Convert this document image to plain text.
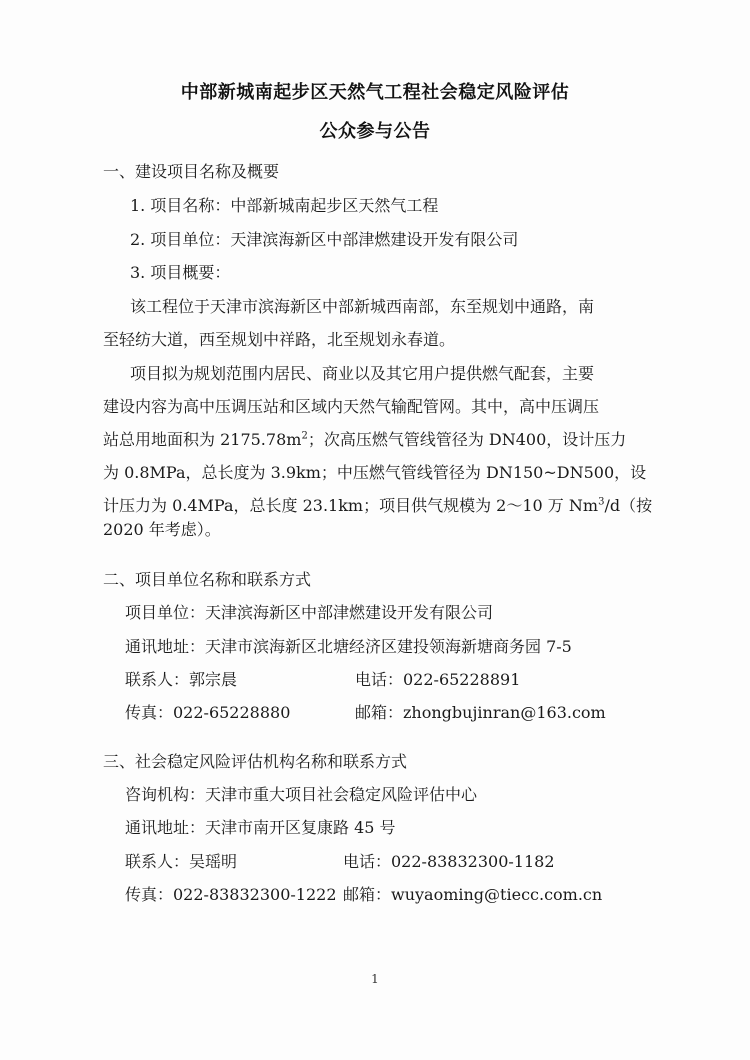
中部新城南起步区天然气工程社会稳定风险评估
公众参与公告
一、建设项目名称及概要
1. 项目名称：中部新城南起步区天然气工程
2. 项目单位：天津滨海新区中部津燃建设开发有限公司
3. 项目概要：
该工程位于天津市滨海新区中部新城西南部，东至规划中通路，南
至轻纺大道，西至规划中祥路，北至规划永春道。
项目拟为规划范围内居民、商业以及其它用户提供燃气配套，主要
建设内容为高中压调压站和区域内天然气输配管网。其中，高中压调压
站总用地面积为 $2175.78m^2$；次高压燃气管线管径为 DN400，设计压力
为 0.8MPa，总长度为 3.9km；中压燃气管线管径为 DN150~DN500，设
计压力为 0.4MPa，总长度 23.1km；项目供气规模为 2～10 万 Nm$^3$/d（按
2020 年考虑）。
二、项目单位名称和联系方式
项目单位：天津滨海新区中部津燃建设开发有限公司
通讯地址：天津市滨海新区北塘经济区建投领海新塘商务园 7-5
联系人：郭宗晨	电话：022-65228891
传真：022-65228880	邮箱：zhongbujinran@163.com
三、社会稳定风险评估机构名称和联系方式
咨询机构：天津市重大项目社会稳定风险评估中心
通讯地址：天津市南开区复康路 45 号
联系人：吴瑶明	电话：022-83832300-1182
传真：022-83832300-1222 邮箱：wuyaoming@tiecc.com.cn
1
